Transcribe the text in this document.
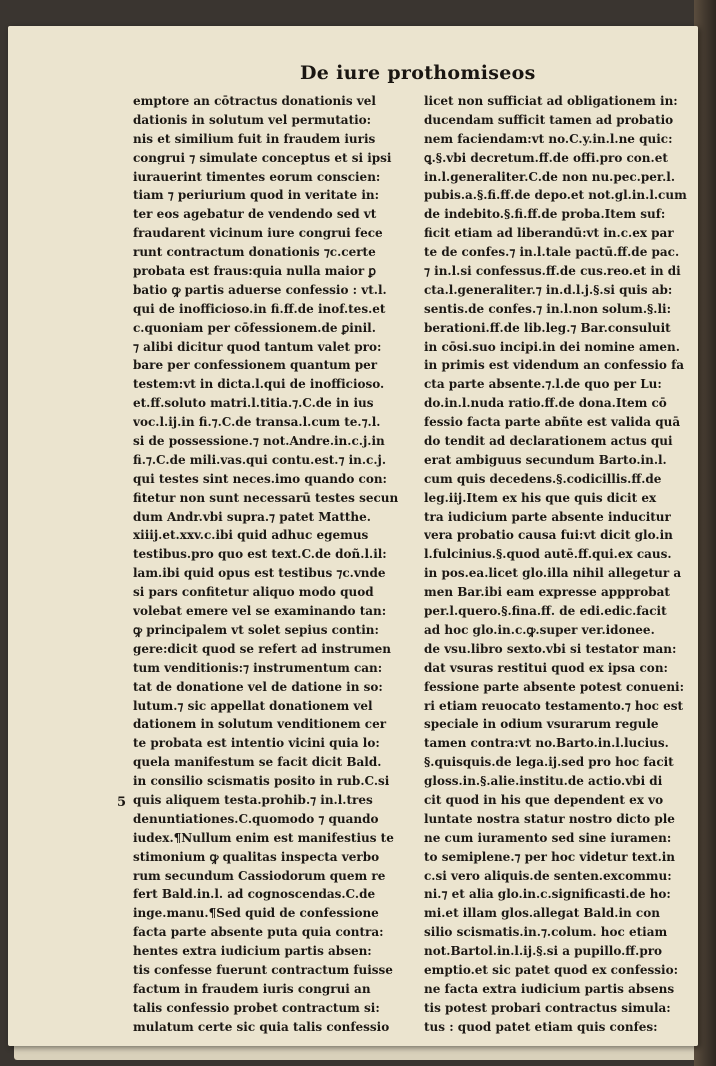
De iure prothomiseos
emptore an cōtractus donationis vel
dationis in solutum vel permutatio:
nis et similium fuit in fraudem iuris
congrui ⁊ simulate conceptus et si ipsi
iurauerint timentes eorum conscien:
tiam ⁊ periurium quod in veritate in:
ter eos agebatur de vendendo sed vt
fraudarent vicinum iure congrui fece
runt contractum donationis ⁊c.certe
probata est fraus:quia nulla maior ꝑ
batio ꝙ partis aduerse confessio : vt.l.
qui de inofficioso.in fi.ff.de inof.tes.et
c.quoniam per cōfessionem.de ꝑinil.
⁊ alibi dicitur quod tantum valet pro:
bare per confessionem quantum per
testem:vt in dicta.l.qui de inofficioso.
et.ff.soluto matri.l.titia.⁊.C.de in ius
voc.l.ij.in fi.⁊.C.de transa.l.cum te.⁊.l.
si de possessione.⁊ not.Andre.in.c.j.in
fi.⁊.C.de mili.vas.qui contu.est.⁊ in.c.j.
qui testes sint neces.imo quando con:
fitetur non sunt necessarū testes secun
dum Andr.vbi supra.⁊ patet Matthe.
xiiij.et.xxv.c.ibi quid adhuc egemus
testibus.pro quo est text.C.de doñ.l.il:
lam.ibi quid opus est testibus ⁊c.vnde
si pars confitetur aliquo modo quod
volebat emere vel se examinando tan:
ꝙ principalem vt solet sepius contin:
gere:dicit quod se refert ad instrumen
tum venditionis:⁊ instrumentum can:
tat de donatione vel de datione in so:
lutum.⁊ sic appellat donationem vel
dationem in solutum venditionem cer
te probata est intentio vicini quia lo:
quela manifestum se facit dicit Bald.
in consilio scismatis posito in rub.C.si
quis aliquem testa.prohib.⁊ in.l.tres
denuntiationes.C.quomodo ⁊ quando
iudex.¶Nullum enim est manifestius te
stimonium ꝙ qualitas inspecta verbo
rum secundum Cassiodorum quem re
fert Bald.in.l. ad cognoscendas.C.de
inge.manu.¶Sed quid de confessione
facta parte absente puta quia contra:
hentes extra iudicium partis absen:
tis confesse fuerunt contractum fuisse
factum in fraudem iuris congrui an
talis confessio probet contractum si:
mulatum certe sic quia talis confessio
licet non sufficiat ad obligationem in:
ducendam sufficit tamen ad probatio
nem faciendam:vt no.C.y.in.l.ne quic:
ꝗ.§.vbi decretum.ff.de offi.pro con.et
in.l.generaliter.C.de non nu.pec.per.l.
pubis.a.§.fi.ff.de depo.et not.gl.in.l.cum
de indebito.§.fi.ff.de proba.Item suf:
ficit etiam ad liberandū:vt in.c.ex par
te de confes.⁊ in.l.tale pactū.ff.de pac.
⁊ in.l.si confessus.ff.de cus.reo.et in di
cta.l.generaliter.⁊ in.d.l.j.§.si quis ab:
sentis.de confes.⁊ in.l.non solum.§.li:
berationi.ff.de lib.leg.⁊ Bar.consuluit
in cōsi.suo incipi.in dei nomine amen.
in primis est videndum an confessio fa
cta parte absente.⁊.l.de quo per Lu:
do.in.l.nuda ratio.ff.de dona.Item cō
fessio facta parte abñte est valida quā
do tendit ad declarationem actus qui
erat ambiguus secundum Barto.in.l.
cum quis decedens.§.codicillis.ff.de
leg.iij.Item ex his que quis dicit ex
tra iudicium parte absente inducitur
vera probatio causa fui:vt dicit glo.in
l.fulcinius.§.quod autē.ff.qui.ex caus.
in pos.ea.licet glo.illa nihil allegetur a
men Bar.ibi eam expresse appprobat
per.l.quero.§.fina.ff. de edi.edic.facit
ad hoc glo.in.c.ꝙ.super ver.idonee.
de vsu.libro sexto.vbi si testator man:
dat vsuras restitui quod ex ipsa con:
fessione parte absente potest conueni:
ri etiam reuocato testamento.⁊ hoc est
speciale in odium vsurarum regule
tamen contra:vt no.Barto.in.l.lucius.
§.quisquis.de lega.ij.sed pro hoc facit
gloss.in.§.alie.institu.de actio.vbi di
cit quod in his que dependent ex vo
luntate nostra statur nostro dicto ple
ne cum iuramento sed sine iuramen:
to semiplene.⁊ per hoc videtur text.in
c.si vero aliquis.de senten.excommu:
ni.⁊ et alia glo.in.c.significasti.de ho:
mi.et illam glos.allegat Bald.in con
silio scismatis.in.⁊.colum. hoc etiam
not.Bartol.in.l.ij.§.si a pupillo.ff.pro
emptio.et sic patet quod ex confessio:
ne facta extra iudicium partis absens
tis potest probari contractus simula:
tus : quod patet etiam quis confes:
5
